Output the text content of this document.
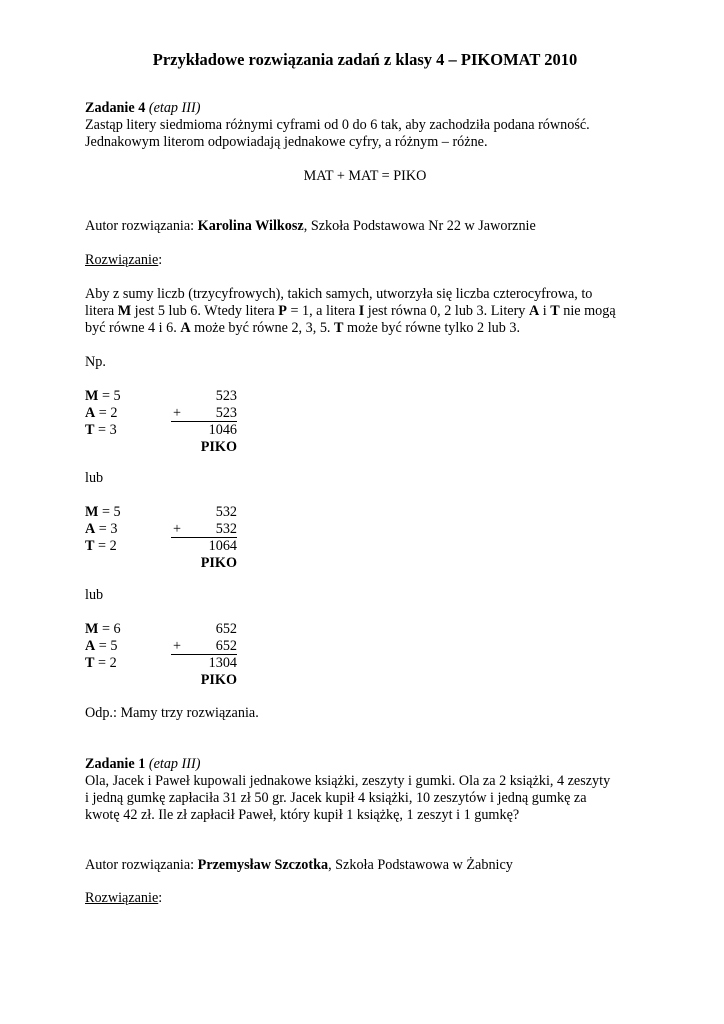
Przykładowe rozwiązania zadań z klasy 4 – PIKOMAT 2010
Zadanie 4 (etap III)
Zastąp litery siedmioma różnymi cyframi od 0 do 6 tak, aby zachodziła podana równość.
Jednakowym literom odpowiadają jednakowe cyfry, a różnym – różne.
MAT + MAT = PIKO
Autor rozwiązania: Karolina Wilkosz, Szkoła Podstawowa Nr 22 w Jaworznie
Rozwiązanie:
Aby z sumy liczb (trzycyfrowych), takich samych, utworzyła się liczba czterocyfrowa, to
litera M jest 5 lub 6. Wtedy litera P = 1, a litera I jest równa 0, 2 lub 3. Litery A i T nie mogą
być równe 4 i 6. A może być równe 2, 3, 5. T może być równe tylko 2 lub 3.
Np.
M = 5
A = 2
T = 3
523
+ 523
1046
PIKO
lub
M = 5
A = 3
T = 2
532
+ 532
1064
PIKO
lub
M = 6
A = 5
T = 2
652
+ 652
1304
PIKO
Odp.: Mamy trzy rozwiązania.
Zadanie 1 (etap III)
Ola, Jacek i Paweł kupowali jednakowe książki, zeszyty i gumki. Ola za 2 książki, 4 zeszyty
i jedną gumkę zapłaciła 31 zł 50 gr. Jacek kupił 4 książki, 10 zeszytów i jedną gumkę za
kwotę 42 zł. Ile zł zapłacił Paweł, który kupił 1 książkę, 1 zeszyt i 1 gumkę?
Autor rozwiązania: Przemysław Szczotka, Szkoła Podstawowa w Żabnicy
Rozwiązanie:
